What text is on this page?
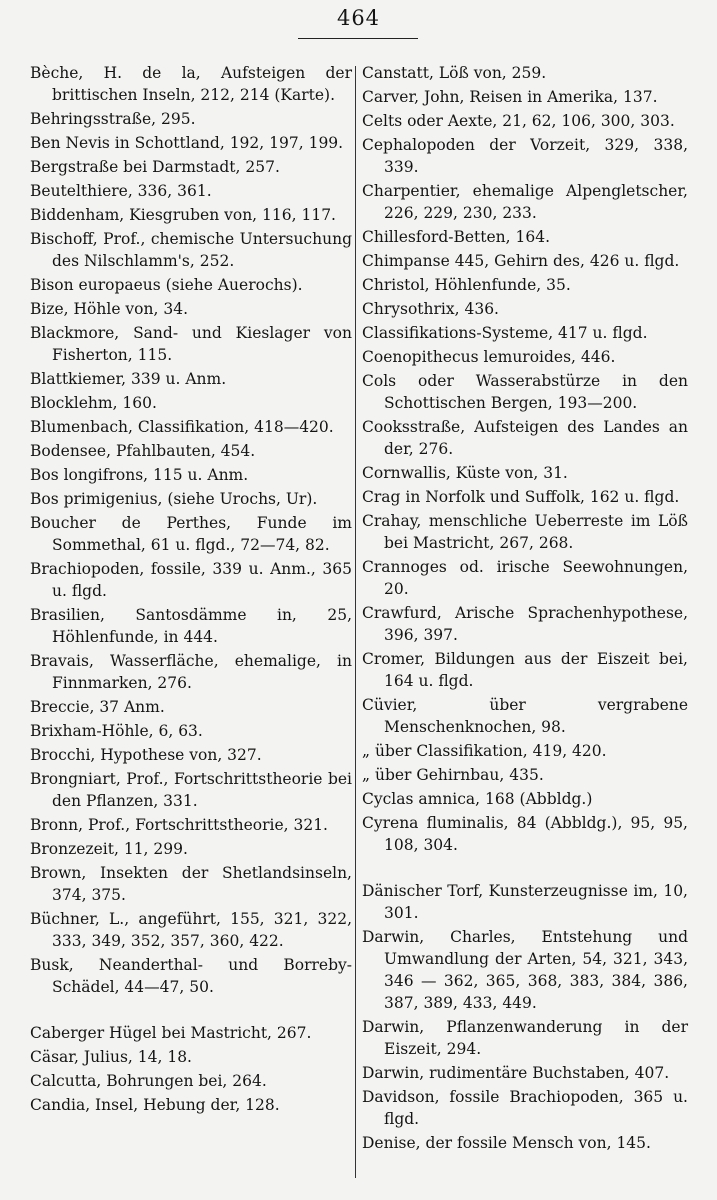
464
Bèche, H. de la, Aufsteigen der brittischen Inseln, 212, 214 (Karte).
Behringsstraße, 295.
Ben Nevis in Schottland, 192, 197, 199.
Bergstraße bei Darmstadt, 257.
Beutelthiere, 336, 361.
Biddenham, Kiesgruben von, 116, 117.
Bischoff, Prof., chemische Untersuchung des Nilschlamm's, 252.
Bison europaeus (siehe Auerochs).
Bize, Höhle von, 34.
Blackmore, Sand- und Kieslager von Fisherton, 115.
Blattkiemer, 339 u. Anm.
Blocklehm, 160.
Blumenbach, Classifikation, 418—420.
Bodensee, Pfahlbauten, 454.
Bos longifrons, 115 u. Anm.
Bos primigenius, (siehe Urochs, Ur).
Boucher de Perthes, Funde im Sommethal, 61 u. flgd., 72—74, 82.
Brachiopoden, fossile, 339 u. Anm., 365 u. flgd.
Brasilien, Santosdämme in, 25, Höhlenfunde, in 444.
Bravais, Wasserfläche, ehemalige, in Finnmarken, 276.
Breccie, 37 Anm.
Brixham-Höhle, 6, 63.
Brocchi, Hypothese von, 327.
Brongniart, Prof., Fortschrittstheorie bei den Pflanzen, 331.
Bronn, Prof., Fortschrittstheorie, 321.
Bronzezeit, 11, 299.
Brown, Insekten der Shetlandsinseln, 374, 375.
Büchner, L., angeführt, 155, 321, 322, 333, 349, 352, 357, 360, 422.
Busk, Neanderthal- und Borreby-Schädel, 44—47, 50.
Caberger Hügel bei Mastricht, 267.
Cäsar, Julius, 14, 18.
Calcutta, Bohrungen bei, 264.
Candia, Insel, Hebung der, 128.
Canstatt, Löß von, 259.
Carver, John, Reisen in Amerika, 137.
Celts oder Aexte, 21, 62, 106, 300, 303.
Cephalopoden der Vorzeit, 329, 338, 339.
Charpentier, ehemalige Alpengletscher, 226, 229, 230, 233.
Chillesford-Betten, 164.
Chimpanse 445, Gehirn des, 426 u. flgd.
Christol, Höhlenfunde, 35.
Chrysothrix, 436.
Classifikations-Systeme, 417 u. flgd.
Coenopithecus lemuroides, 446.
Cols oder Wasserabstürze in den Schottischen Bergen, 193—200.
Cooksstraße, Aufsteigen des Landes an der, 276.
Cornwallis, Küste von, 31.
Crag in Norfolk und Suffolk, 162 u. flgd.
Crahay, menschliche Ueberreste im Löß bei Mastricht, 267, 268.
Crannoges od. irische Seewohnungen, 20.
Crawfurd, Arische Sprachenhypothese, 396, 397.
Cromer, Bildungen aus der Eiszeit bei, 164 u. flgd.
Cüvier, über vergrabene Menschenknochen, 98.
„ über Classifikation, 419, 420.
„ über Gehirnbau, 435.
Cyclas amnica, 168 (Abbldg.)
Cyrena fluminalis, 84 (Abbldg.), 95, 95, 108, 304.
Dänischer Torf, Kunsterzeugnisse im, 10, 301.
Darwin, Charles, Entstehung und Umwandlung der Arten, 54, 321, 343, 346 — 362, 365, 368, 383, 384, 386, 387, 389, 433, 449.
Darwin, Pflanzenwanderung in der Eiszeit, 294.
Darwin, rudimentäre Buchstaben, 407.
Davidson, fossile Brachiopoden, 365 u. flgd.
Denise, der fossile Mensch von, 145.
